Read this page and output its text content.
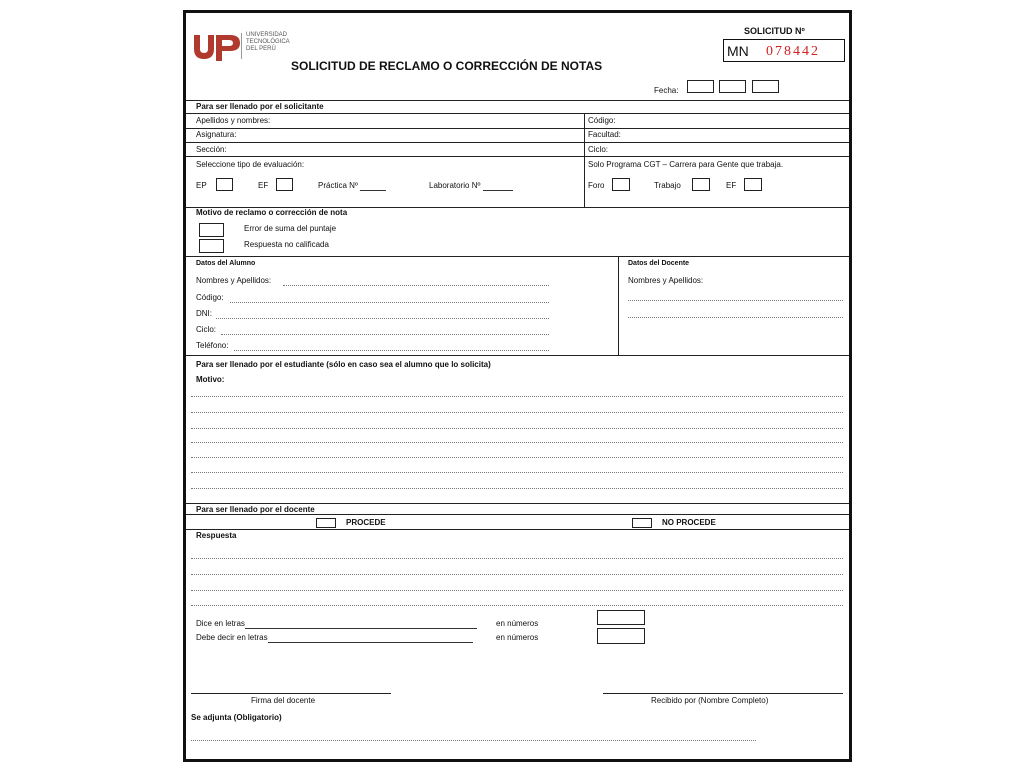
UNIVERSIDAD
TECNOLÓGICA
DEL PERÚ
SOLICITUD Nº
MN 078442
SOLICITUD DE RECLAMO O CORRECCIÓN DE NOTAS
Fecha:
Para ser llenado por el solicitante
Apellidos y nombres:	Código:
Asignatura:	Facultad:
Sección:	Ciclo:
Seleccione tipo de evaluación:	Solo Programa CGT – Carrera para Gente que trabaja.
EP	EF	Práctica Nº	Laboratorio Nº	Foro	Trabajo	EF
Motivo de reclamo o corrección de nota
Error de suma del puntaje
Respuesta no calificada
Datos del Alumno
Nombres y Apellidos:
Código:
DNI:
Ciclo:
Teléfono:
Datos del Docente
Nombres y Apellidos:
Para ser llenado por el estudiante (sólo en caso sea el alumno que lo solicita)
Motivo:
Para ser llenado por el docente
PROCEDE	NO PROCEDE
Respuesta
Dice en letras	en números
Debe decir en letras	en números
Firma del docente	Recibido por (Nombre Completo)
Se adjunta (Obligatorio)
